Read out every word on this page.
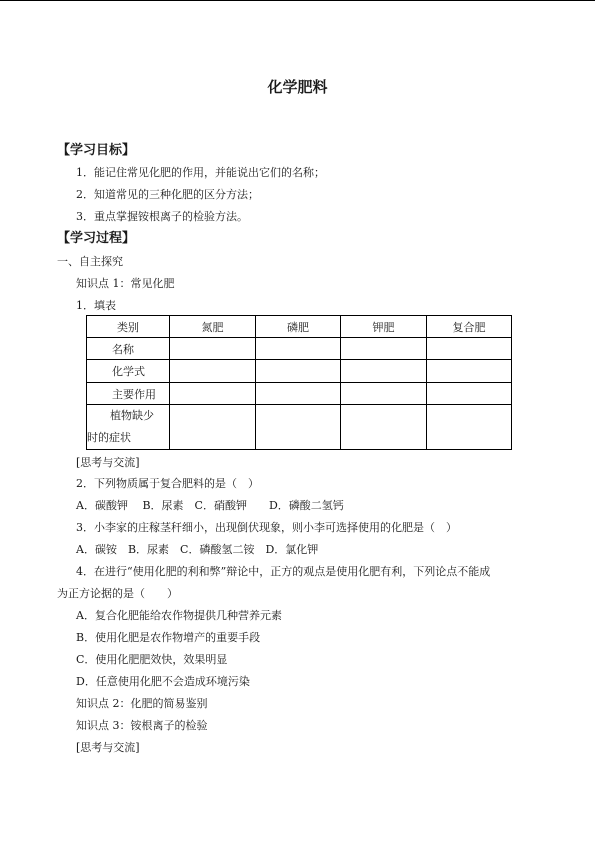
化学肥料
【学习目标】
1．能记住常见化肥的作用，并能说出它们的名称；
2．知道常见的三种化肥的区分方法；
3．重点掌握铵根离子的检验方法。
【学习过程】
一、自主探究
知识点 1：常见化肥
1．填表
类别	氮肥	磷肥	钾肥	复合肥
名称				
化学式				
主要作用				

植物缺少
时的症状				

[思考与交流]
2．下列物质属于复合肥料的是（　）
A．碳酸钾　 B．尿素　C．硝酸钾　　D．磷酸二氢钙
3．小李家的庄稼茎秆细小，出现倒伏现象，则小李可选择使用的化肥是（　）
A．碳铵　B．尿素　C．磷酸氢二铵　D．氯化钾
4．在进行“使用化肥的利和弊”辩论中，正方的观点是使用化肥有利，下列论点不能成
为正方论据的是（　　）
A．复合化肥能给农作物提供几种营养元素
B．使用化肥是农作物增产的重要手段
C．使用化肥肥效快，效果明显
D．任意使用化肥不会造成环境污染
知识点 2：化肥的简易鉴别
知识点 3：铵根离子的检验
[思考与交流]
